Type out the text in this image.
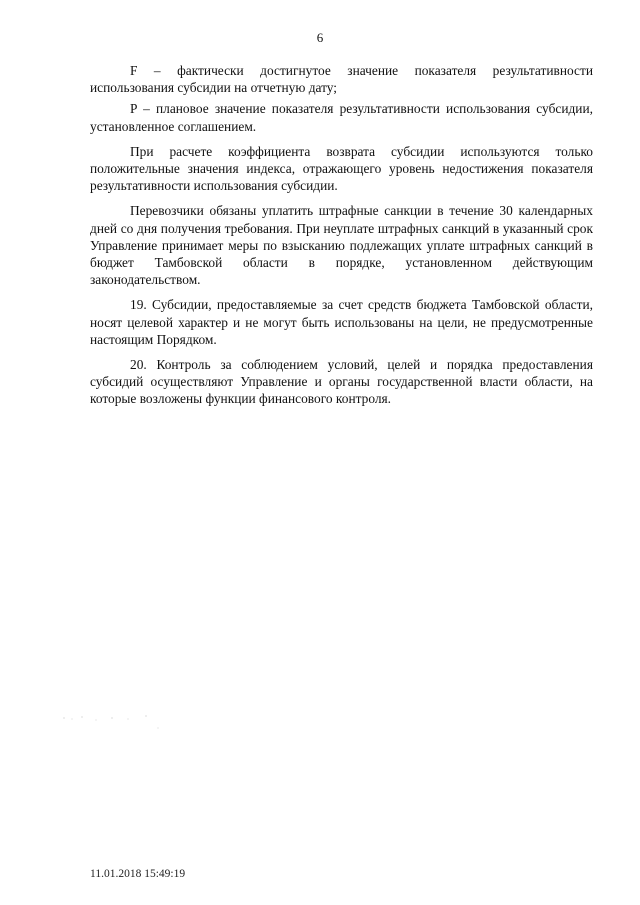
6

F – фактически достигнутое значение показателя результативности использования субсидии на отчетную дату;

P – плановое значение показателя результативности использования субсидии, установленное соглашением.

При расчете коэффициента возврата субсидии используются только положительные значения индекса, отражающего уровень недостижения показателя результативности использования субсидии.

Перевозчики обязаны уплатить штрафные санкции в течение 30 календарных дней со дня получения требования. При неуплате штрафных санкций в указанный срок Управление принимает меры по взысканию подлежащих уплате штрафных санкций в бюджет Тамбовской области в порядке, установленном действующим законодательством.

19. Субсидии, предоставляемые за счет средств бюджета Тамбовской области, носят целевой характер и не могут быть использованы на цели, не предусмотренные настоящим Порядком.

20. Контроль за соблюдением условий, целей и порядка предоставления субсидий осуществляют Управление и органы государственной власти области, на которые возложены функции финансового контроля.

11.01.2018 15:49:19
